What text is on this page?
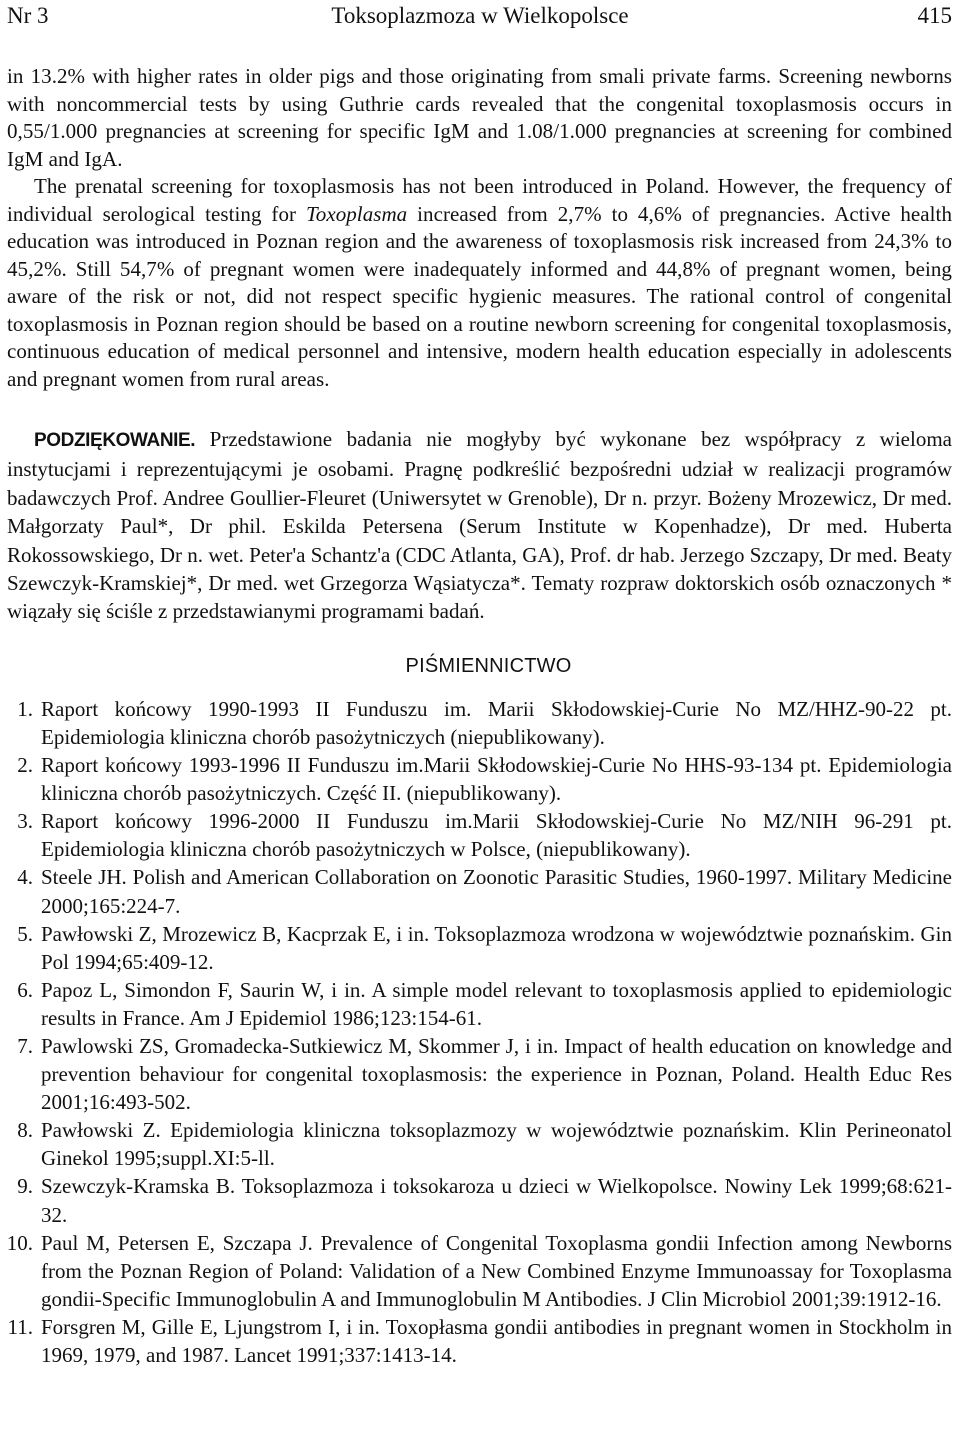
Nr 3	Toksoplazmoza w Wielkopolsce	415

in 13.2% with higher rates in older pigs and those originating from smali private farms. Screening newborns with noncommercial tests by using Guthrie cards revealed that the congenital toxoplasmosis occurs in 0,55/1.000 pregnancies at screening for specific IgM and 1.08/1.000 pregnancies at screening for combined IgM and IgA.

The prenatal screening for toxoplasmosis has not been introduced in Poland. However, the frequency of individual serological testing for Toxoplasma increased from 2,7% to 4,6% of pregnancies. Active health education was introduced in Poznan region and the awareness of toxoplasmosis risk increased from 24,3% to 45,2%. Still 54,7% of pregnant women were inadequately informed and 44,8% of pregnant women, being aware of the risk or not, did not respect specific hygienic measures. The rational control of congenital toxoplasmosis in Poznan region should be based on a routine newborn screening for congenital toxoplasmosis, continuous education of medical personnel and intensive, modern health education especially in adolescents and pregnant women from rural areas.

PODZIĘKOWANIE. Przedstawione badania nie mogłyby być wykonane bez współpracy z wieloma instytucjami i reprezentującymi je osobami. Pragnę podkreślić bezpośredni udział w realizacji programów badawczych Prof. Andree Goullier-Fleuret (Uniwersytet w Grenoble), Dr n. przyr. Bożeny Mrozewicz, Dr med. Małgorzaty Paul*, Dr phil. Eskilda Petersena (Serum Institute w Kopenhadze), Dr med. Huberta Rokossowskiego, Dr n. wet. Peter'a Schantz'a (CDC Atlanta, GA), Prof. dr hab. Jerzego Szczapy, Dr med. Beaty Szewczyk-Kramskiej*, Dr med. wet Grzegorza Wąsiatycza*. Tematy rozpraw doktorskich osób oznaczonych * wiązały się ściśle z przedstawianymi programami badań.

PIŚMIENNICTWO
1. Raport końcowy 1990-1993 II Funduszu im. Marii Skłodowskiej-Curie No MZ/HHZ-90-22 pt. Epidemiologia kliniczna chorób pasożytniczych (niepublikowany).
2. Raport końcowy 1993-1996 II Funduszu im.Marii Skłodowskiej-Curie No HHS-93-134 pt. Epidemiologia kliniczna chorób pasożytniczych. Część II. (niepublikowany).
3. Raport końcowy 1996-2000 II Funduszu im.Marii Skłodowskiej-Curie No MZ/NIH 96-291 pt. Epidemiologia kliniczna chorób pasożytniczych w Polsce, (niepublikowany).
4. Steele JH. Polish and American Collaboration on Zoonotic Parasitic Studies, 1960-1997. Military Medicine 2000;165:224-7.
5. Pawłowski Z, Mrozewicz B, Kacprzak E, i in. Toksoplazmoza wrodzona w województwie poznańskim. Gin Pol 1994;65:409-12.
6. Papoz L, Simondon F, Saurin W, i in. A simple model relevant to toxoplasmosis applied to epidemiologic results in France. Am J Epidemiol 1986;123:154-61.
7. Pawlowski ZS, Gromadecka-Sutkiewicz M, Skommer J, i in. Impact of health education on knowledge and prevention behaviour for congenital toxoplasmosis: the experience in Poznan, Poland. Health Educ Res 2001;16:493-502.
8. Pawłowski Z. Epidemiologia kliniczna toksoplazmozy w województwie poznańskim. Klin Perineonatol Ginekol 1995;suppl.XI:5-ll.
9. Szewczyk-Kramska B. Toksoplazmoza i toksokaroza u dzieci w Wielkopolsce. Nowiny Lek 1999;68:621-32.
10. Paul M, Petersen E, Szczapa J. Prevalence of Congenital Toxoplasma gondii Infection among Newborns from the Poznan Region of Poland: Validation of a New Combined Enzyme Immunoassay for Toxoplasma gondii-Specific Immunoglobulin A and Immunoglobulin M Antibodies. J Clin Microbiol 2001;39:1912-16.
11. Forsgren M, Gille E, Ljungstrom I, i in. Toxopłasma gondii antibodies in pregnant women in Stockholm in 1969, 1979, and 1987. Lancet 1991;337:1413-14.
